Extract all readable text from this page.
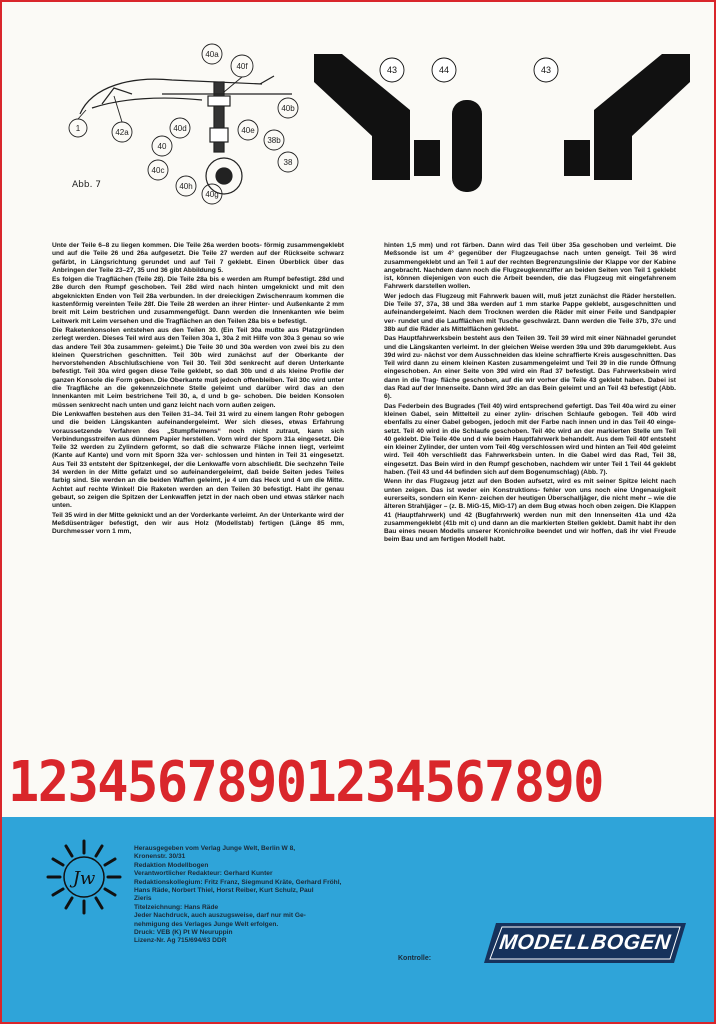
40f
40e
40d
40b
40c
40
40h
40g
40a
38b
38
42a
1
Abb. 7
43	44	43

Unte der Teile 6–8 zu liegen kommen. Die Teile 26a werden boots- förmig zusammengeklebt und auf die Teile 26 und 26a aufgesetzt. Die Teile 27 werden auf der Rückseite schwarz gefärbt, in Längsrichtung gerundet und auf Teil 7 geklebt. Einen Überblick über das Anbringen der Teile 23–27, 35 und 36 gibt Abbildung 5.

Es folgen die Tragflächen (Teile 28). Die Teile 28a bis e werden am Rumpf befestigt. 28d und 28e durch den Rumpf geschoben. Teil 28d wird nach hinten umgeknickt und mit den abgeknickten Enden von Teil 28a verbunden. In der dreieckigen Zwischenraum kommen die kastenförmig vereinten Teile 28f. Die Teile 28 werden an ihrer Hinter- und Außenkante 2 mm breit mit Leim bestrichen und zusammengefügt. Dann werden die Innenkanten wie beim Leitwerk mit Leim versehen und die Tragflächen an den Teilen 28a bis e befestigt.

Die Raketenkonsolen entstehen aus den Teilen 30. (Ein Teil 30a mußte aus Platzgründen zerlegt werden. Dieses Teil wird aus den Teilen 30a 1, 30a 2 mit Hilfe von 30a 3 genau so wie das andere Teil 30a zusammen- geleimt.) Die Teile 30 und 30a werden von zwei bis zu den kleinen Querstrichen geschnitten. Teil 30b wird zunächst auf der Oberkante der hervorstehenden Abschlußschiene von Teil 30. Teil 30d senkrecht auf deren Unterkante befestigt. Teil 30a wird gegen diese Teile geklebt, so daß 30b und d als kleine Profile der ganzen Konsole die Form geben. Die Oberkante muß jedoch offenbleiben. Teil 30c wird unter die Tragfläche an die gekennzeichnete Stelle geleimt und darüber wird das an den Innenkanten mit Leim bestrichene Teil 30, a, d und b ge- schoben. Die beiden Konsolen müssen senkrecht nach unten und ganz leicht nach vorn außen zeigen.

Die Lenkwaffen bestehen aus den Teilen 31–34. Teil 31 wird zu einem langen Rohr gebogen und die beiden Längskanten aufeinandergeleimt. Wer sich dieses, etwas Erfahrung voraussetzende Verfahren des „Stumpfleimens“ noch nicht zutraut, kann sich Verbindungsstreifen aus dünnem Papier herstellen. Vorn wird der Sporn 31a eingesetzt. Die Teile 32 werden zu Zylindern geformt, so daß die schwarze Fläche innen liegt, verleimt (Kante auf Kante) und vorn mit Sporn 32a ver- schlossen und hinten in Teil 31 eingesetzt. Aus Teil 33 entsteht der Spitzenkegel, der die Lenkwaffe vorn abschließt. Die sechzehn Teile 34 werden in der Mitte gefalzt und so aufeinandergeleimt, daß beide Seiten jedes Teiles farbig sind. Sie werden an die beiden Waffen geleimt, je 4 um das Heck und 4 um die Mitte. Achtet auf rechte Winkel! Die Raketen werden an den Teilen 30 befestigt. Habt ihr genau gebaut, so zeigen die Spitzen der Lenkwaffen jetzt in der nach oben und etwas stärker nach unten.

Teil 35 wird in der Mitte geknickt und an der Vorderkante verleimt. An der Unterkante wird der Meßdüsenträger befestigt, den wir aus Holz (Modellstab) fertigen (Länge 85 mm, Durchmesser vorn 1 mm,

hinten 1,5 mm) und rot färben. Dann wird das Teil über 35a geschoben und verleimt. Die Meßsonde ist um 4° gegenüber der Flugzeugachse nach unten geneigt. Teil 36 wird zusammengeklebt und an Teil 1 auf der rechten Begrenzungslinie der Klappe vor der Kabine angebracht. Nachdem dann noch die Flugzeugkennziffer an beiden Seiten von Teil 1 geklebt ist, können diejenigen von euch die Arbeit beenden, die das Flugzeug mit eingefahrenem Fahrwerk darstellen wollen.

Wer jedoch das Flugzeug mit Fahrwerk bauen will, muß jetzt zunächst die Räder herstellen. Die Teile 37, 37a, 38 und 38a werden auf 1 mm starke Pappe geklebt, ausgeschnitten und aufeinandergeleimt. Nach dem Trocknen werden die Räder mit einer Feile und Sandpapier ver- rundet und die Laufflächen mit Tusche geschwärzt. Dann werden die Teile 37b, 37c und 38b auf die Räder als Mittelflächen geklebt.

Das Hauptfahrwerksbein besteht aus den Teilen 39. Teil 39 wird mit einer Nähnadel gerundet und die Längskanten verleimt. In der gleichen Weise werden 39a und 39b darumgeklebt. Aus 39d wird zu- nächst vor dem Ausschneiden das kleine schraffierte Kreis ausgeschnitten. Das Teil wird dann zu einem kleinen Kasten zusammengeleimt und Teil 39 in die runde Öffnung eingeschoben. An einer Seite von 39d wird ein Rad 37 befestigt. Das Fahrwerksbein wird dann in die Trag- fläche geschoben, auf die wir vorher die Teile 43 geklebt haben. Dabei ist das Rad auf der Innenseite. Dann wird 39c an das Bein geleimt und an Teil 43 befestigt (Abb. 6).

Das Federbein des Bugrades (Teil 40) wird entsprechend gefertigt. Das Teil 40a wird zu einer kleinen Gabel, sein Mittelteil zu einer zylin- drischen Schlaufe gebogen. Teil 40b wird ebenfalls zu einer Gabel gebogen, jedoch mit der Farbe nach innen und in das Teil 40 einge- setzt. Teil 40 wird in die Schlaufe geschoben. Teil 40c wird an der markierten Stelle um Teil 40 geklebt. Die Teile 40e und d wie beim Hauptfahrwerk behandelt. Aus dem Teil 40f entsteht ein kleiner Zylinder, der unten vom Teil 40g verschlossen wird und hinten an Teil 40d geleimt wird. Teil 40h verschließt das Fahrwerksbein unten. In die Gabel wird das Rad, Teil 38, eingesetzt. Das Bein wird in den Rumpf geschoben, nachdem wir unter Teil 1 Teil 44 geklebt haben. (Teil 43 und 44 befinden sich auf dem Bogenumschlag) (Abb. 7).

Wenn ihr das Flugzeug jetzt auf den Boden aufsetzt, wird es mit seiner Spitze leicht nach unten zeigen. Das ist weder ein Konstruktions- fehler von uns noch eine Ungenauigkeit eurerseits, sondern ein Kenn- zeichen der heutigen Überschalljäger, die nicht mehr – wie die älteren Strahljäger – (z. B. MiG-15, MiG-17) an dem Bug etwas hoch oben zeigen. Die Klappen 41 (Hauptfahrwerk) und 42 (Bugfahrwerk) werden nun mit den Innenseiten 41a und 42a zusammengeklebt (41b mit c) und dann an die markierten Stellen geklebt. Damit habt ihr den Bau eines neuen Modells unserer Kronichroike beendet und wir hoffen, daß ihr viel Freude beim Bau und am fertigen Modell habt.

12345678901234567890
Jw
Herausgegeben vom Verlag Junge Welt, Berlin W 8,
Kronenstr. 30/31
Redaktion Modellbogen
Verantwortlicher Redakteur: Gerhard Kunter
Redaktionskollegium: Fritz Franz, Siegmund Kräte, Gerhard Fröhl,
Hans Räde, Norbert Thiel, Horst Reiber, Kurt Schulz, Paul
Zieris
Titelzeichnung: Hans Räde
Jeder Nachdruck, auch auszugsweise, darf nur mit Ge-
nehmigung des Verlages Junge Welt erfolgen.
Druck: VEB (K) Pt W Neuruppin
Lizenz-Nr. Ag 715/694/63 DDR
Kontrolle:
MODELLBOGEN
